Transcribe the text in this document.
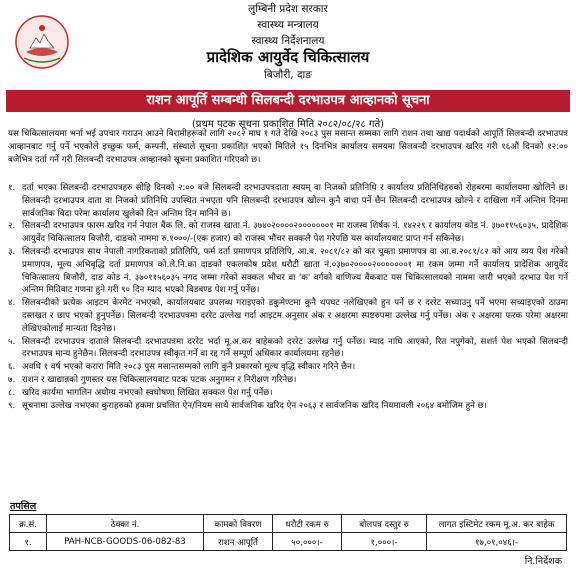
लुम्बिनी प्रदेश सरकार
स्वास्थ्य मन्त्रालय
स्वास्थ्य निर्देशनालय
प्रादेशिक आयुर्वेद चिकित्सालय
बिजौरी, दाङ
राशन आपूर्ति सम्बन्धी सिलबन्दी दरभाउपत्र आव्हानको सूचना
(प्रथम पटक सूचना प्रकाशित मिति २०८२/०८/२८ गते)
यस चिकित्सालयमा भर्ना भई उपचार गराउन आउने बिरामीहरूको लागि २०८२ माघ १ गते देखि २०८३ पुस मसान्त सम्मका लागि राशन तथा खाद्य पदार्थको आपूर्ति सिलबन्दी दरभाउपत्र आव्हानबाट गर्नु पर्ने भएकोले इच्छुक फर्म, कम्पनी, संस्थाले सूचना प्रकाशित भएको मितिले १५ दिनभित्र कार्यालय समयमा सिलबन्दी दरभाउपत्र खरिद गरी १६औं दिनको १२:०० बजेभित्र दर्ता गर्ने गरी सिलबन्दी दरभाउपत्र आव्हानको सूचना प्रकाशित गरिएको छ।
१. दर्ता भएका सिलबन्दी दरभाउपत्रहरु सोहि दिनको २:०० बजे सिलबन्दी दरभाउपत्रदाता स्वयम् वा निजको प्रतिनिधि र कार्यालय प्रतिनिधिहरुको रोहबरमा कार्यालयमा खोलिने छ। सिलबन्दी दरभाउपत्र दाता वा निजको प्रतिनिधि उपस्थित नभएता पनि सिलबन्दी दरभाउपत्र खोल्न कुनै बाधा पर्ने छैन सिलबन्दी दरभाउपत्र खोल्ने र दाखिला गर्ने अन्तिम दिनमा सार्वजनिक बिदा परेमा कार्यालय खुलेको दिन अन्तिम दिन मानिने छ।
२. सिलबन्दी दरभाउपत्र फारम खरिद गर्न नेपाल बैंक लि. को राजस्व खाता नं. ३७४०२००००२०००००००१ मा राजस्व शिर्षक नं. १४२२९ र कार्यालय कोड नं. ३७०११५६०३५, प्रादेशिक आयुर्वेद चिकित्सालय बिजौरी, दाङको नाममा रु.१०००/-(एक हजार) को राजस्व भौचर सक्कलै पेश गरेपछि यस कार्यालयबाट प्राप्त गर्न सकिनेछ।
३. सिलबन्दी दरभाउपत्र साथ नेपाली नागरिकताको प्रतिलिपि, फर्म दर्ता प्रमाणपत्र प्रतिलिपि, आ.ब. २०८१/८२ को कर चुक्ता प्रमाणपत्र वा आ.व.२०८१/८२ को आय व्यय पेश गरेको प्रमाणपत्र, मूल्य अभिबृद्धि दर्ता प्रमाणपत्र को.ले.नि.का दाङको एकलकोष प्रदेश धरौटी खाता नं.०३७०२००००२०००००००१ मा रकम जम्मा गर्ने कार्यालय प्रादेशिक आयुर्वेद चिकित्सालय बिजौरी, दाङ कोड नं. ३७०११५६०३५ नगद जम्मा गरेको सक्कल भौचर वा 'क' वर्गको बाणिज्य बैंकबाट यस चिकित्सालयको नाममा जारी भएको दरभाउ पेश गर्ने अन्तिम मितिबाट गणना हुने गरी ९० दिन म्याद भएको बिडबण्ड पेश गर्नु पर्नेछ।
४. सिलबन्दीको प्रत्येक आइटम केरमेट नभएको, कार्यालयबाट उपलब्ध गराइएको डकुमेण्टमा कुनै थपघट नलेखिएको हुन पर्ने छ र दररेट सच्याउनु पर्ने भएमा सच्याइएको ठाउमा दस्तखत र छाप भएको हुनुपर्नेछ। सिलबन्दी दरभाउपत्रमा दररेट उल्लेख गर्दा आइटम अनुसार अंक र अक्षरमा स्पष्टरुपमा उल्लेख गर्नु पर्नेछ। अंक र अक्षरमा फरक परेमा अक्षरमा लेखिएकोलाई मान्यता दिइनेछ।
५. सिलबन्दी दरभाउपत्र दाताले सिलबन्दी दरभाउपत्रमा दररेट भर्दा मू.अ.कर बाहेकको दररेट उल्लेख गर्नु पर्नेछ। म्याद नाघि आएको, रित नपुगेको, सशर्त पेश भएको सिलबन्दी दरभाउपत्र मान्य हुनेछैन। सिलबन्दी दरभाउपत्र स्वीकृत गर्ने वा रद्द गर्ने सम्पूर्ण अधिकार कार्यालयमा रहनेछ।
६. अवधि १ वर्ष भएको करारा मिति २०८३ पुस मसान्तसम्मको लागि कुनै प्रकारको मूल्य वृद्धि स्वीकार गरिने छैन।
७. राशन र खाद्यान्नको गुणस्तर यस चिकित्सालयबाट पटक पटक अनुगमन र निरीक्षण गरिनेछ।
८. खरिद कार्यमा भागलिन अयोग्य नभएको स्वघोषणा लिखित सक्कल पेश गर्नु पर्नेछ।
९. सूचनामा उल्लेख नभएका कुराहरुको हकमा प्रचलित ऐन/नियम साथै सार्वजनिक खरिद ऐन २०६३ र सार्वजनिक खरिद नियमावली २०६४ बमोजिम हुने छ।
तपसिल
क्र.सं.	ठेक्का नं.	कामको विवरण	धरौटी रकम रु	बोलपत्र दस्तुर रु	लागत इस्टिमेट रकम मू.अ. कर बाहेक
१.	PAH-NCB-GOODS-06-082-83	राशन आपूर्ति	५०,०००।-	१,०००।-	१७,०१,०४६।-
नि.निर्देशक
